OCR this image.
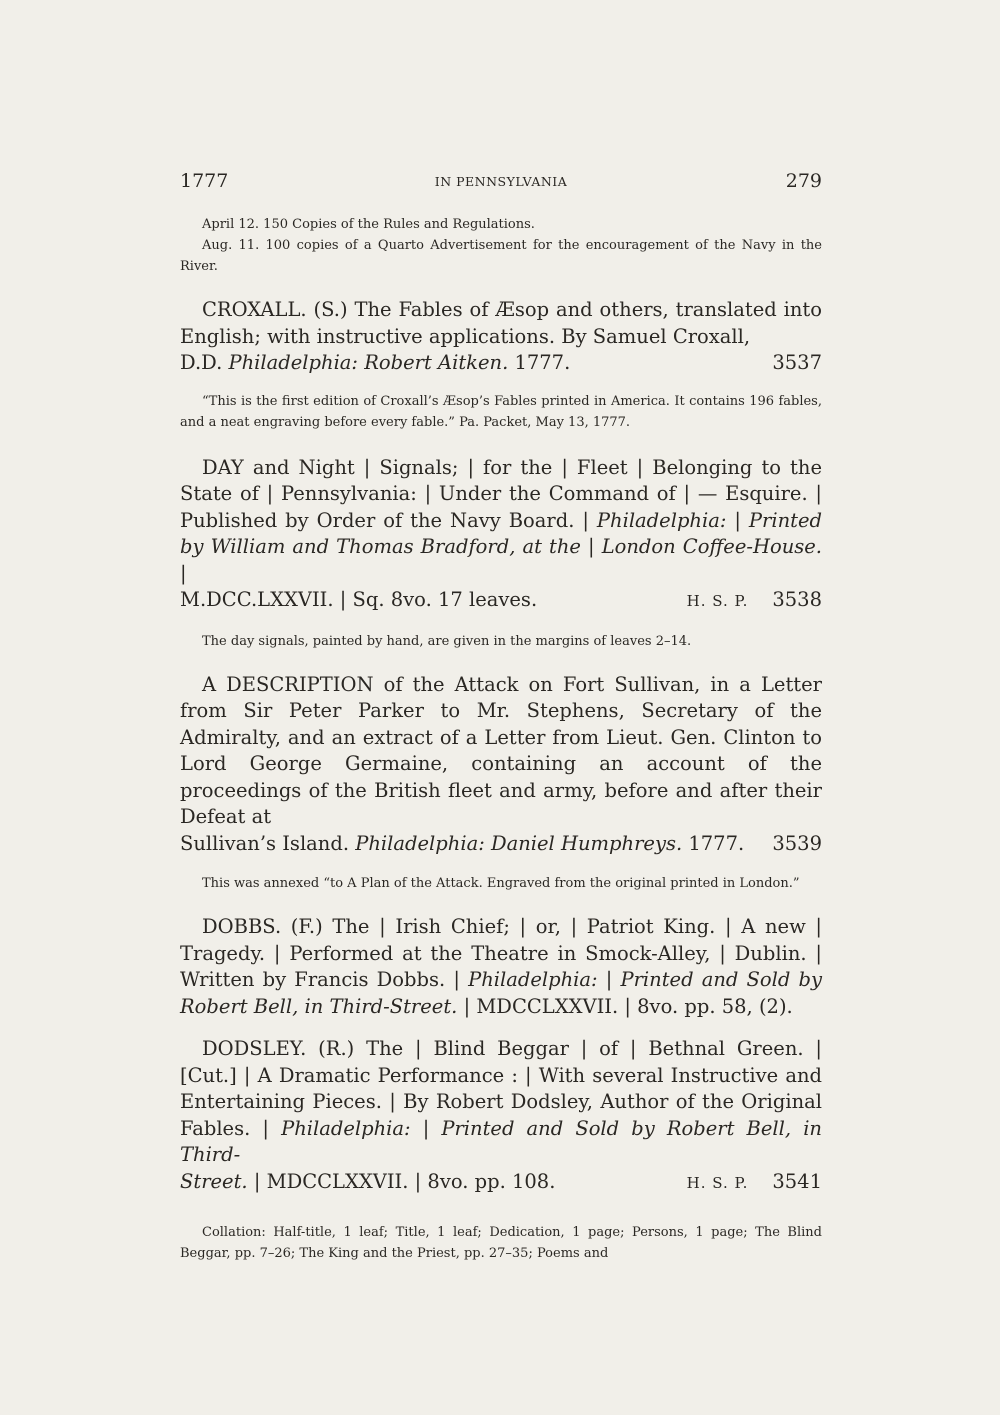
1777	IN PENNSYLVANIA	279

April 12. 150 Copies of the Rules and Regulations.

Aug. 11. 100 copies of a Quarto Advertisement for the encouragement of the Navy in the River.

CROXALL. (S.) The Fables of Æsop and others, translated into English; with instructive applications. By Samuel Croxall,

D.D. Philadelphia: Robert Aitken. 1777.	3537

“This is the first edition of Croxall’s Æsop’s Fables printed in America. It contains 196 fables, and a neat engraving before every fable.” Pa. Packet, May 13, 1777.

DAY and Night | Signals; | for the | Fleet | Belonging to the State of | Pennsylvania: | Under the Command of | — Esquire. | Published by Order of the Navy Board. | Philadelphia: | Printed by William and Thomas Bradford, at the | London Coffee-House. |

M.DCC.LXXVII. | Sq. 8vo. 17 leaves.	H. S. P. 3538

The day signals, painted by hand, are given in the margins of leaves 2–14.

A DESCRIPTION of the Attack on Fort Sullivan, in a Letter from Sir Peter Parker to Mr. Stephens, Secretary of the Admiralty, and an extract of a Letter from Lieut. Gen. Clinton to Lord George Germaine, containing an account of the proceedings of the British fleet and army, before and after their Defeat at

Sullivan’s Island. Philadelphia: Daniel Humphreys. 1777. 3539

This was annexed “to A Plan of the Attack. Engraved from the original printed in London.”

DOBBS. (F.) The | Irish Chief; | or, | Patriot King. | A new | Tragedy. | Performed at the Theatre in Smock-Alley, | Dublin. | Written by Francis Dobbs. | Philadelphia: | Printed and Sold by Robert Bell, in Third-Street. | MDCCLXXVII. | 8vo. pp. 58, (2).

DODSLEY. (R.) The | Blind Beggar | of | Bethnal Green. | [Cut.] | A Dramatic Performance : | With several Instructive and Entertaining Pieces. | By Robert Dodsley, Author of the Original Fables. | Philadelphia: | Printed and Sold by Robert Bell, in Third-

Street. | MDCCLXXVII. | 8vo. pp. 108.	H. S. P. 3541

Collation: Half-title, 1 leaf; Title, 1 leaf; Dedication, 1 page; Persons, 1 page; The Blind Beggar, pp. 7–26; The King and the Priest, pp. 27–35; Poems and
